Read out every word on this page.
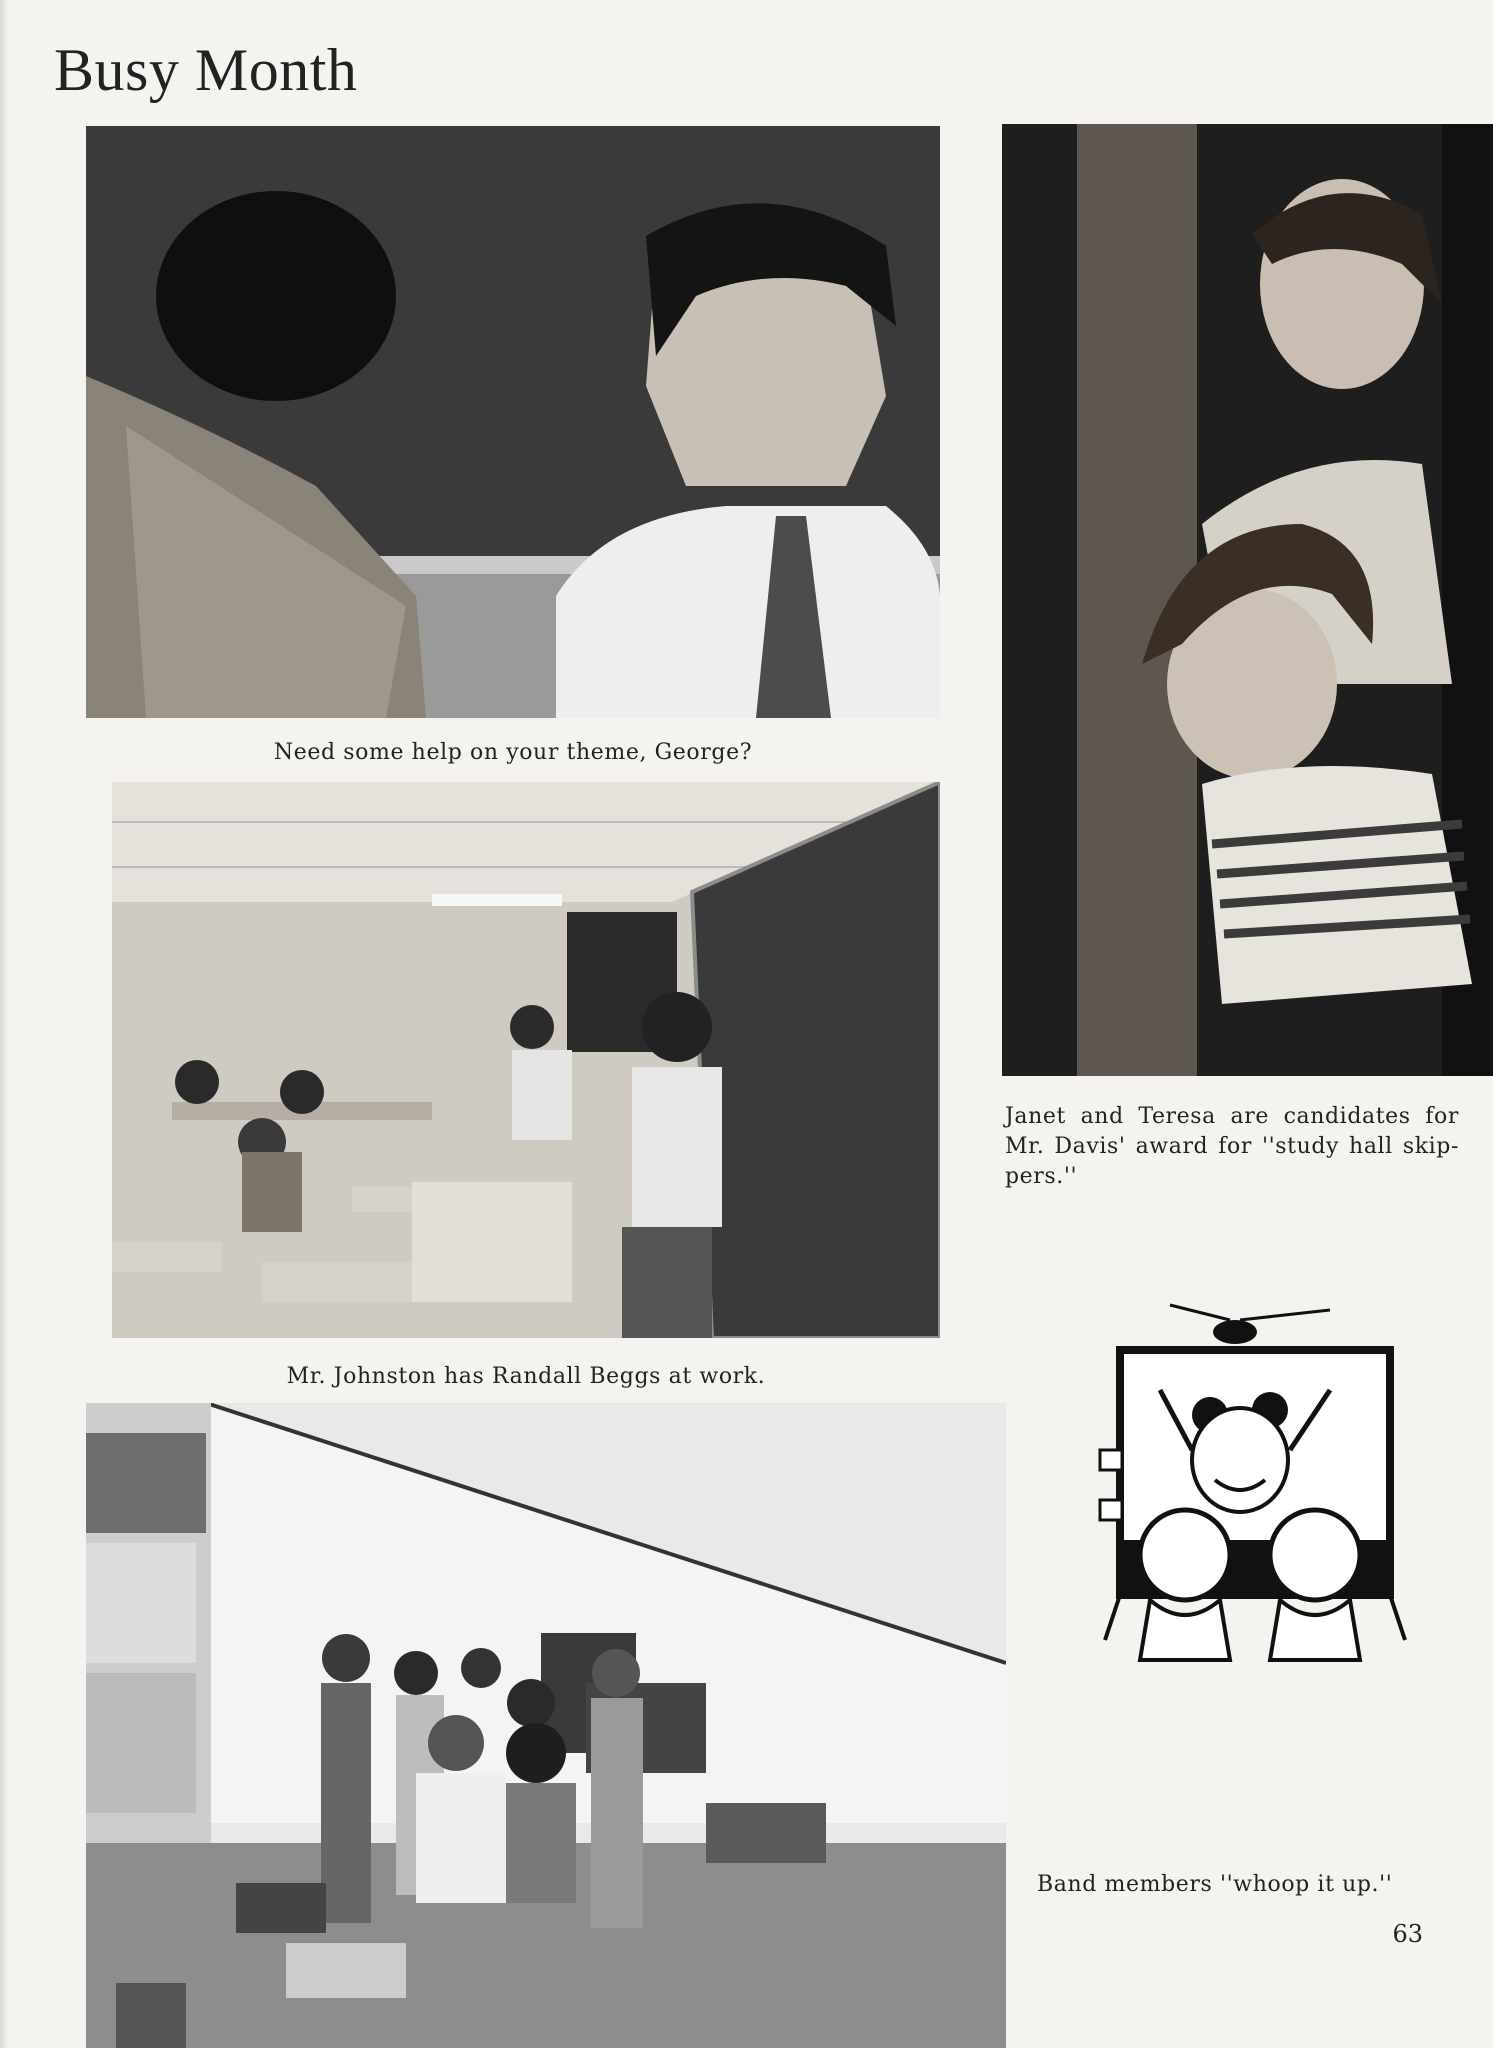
Busy Month
Need some help on your theme, George?
Janet and Teresa are candidates for Mr. Davis' award for ''study hall skip-pers.''
Mr. Johnston has Randall Beggs at work.
Band members ''whoop it up.''
63
